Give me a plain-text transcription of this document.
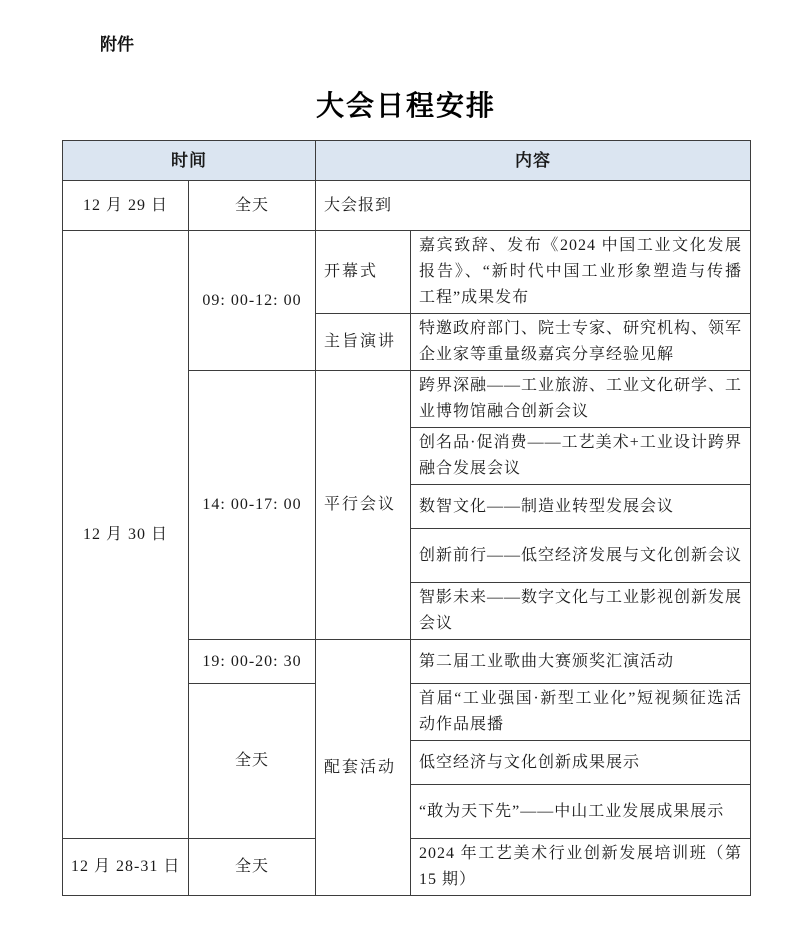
附件
大会日程安排
时间		内容	
12 月 29 日	全天	大会报到	
12 月 30 日	09: 00-12: 00	开幕式	嘉宾致辞、发布《2024 中国工业文化发展报告》、“新时代中国工业形象塑造与传播工程”成果发布
		主旨演讲	特邀政府部门、院士专家、研究机构、领军企业家等重量级嘉宾分享经验见解
	14: 00-17: 00	平行会议	跨界深融——工业旅游、工业文化研学、工业博物馆融合创新会议
			创名品·促消费——工艺美术+工业设计跨界融合发展会议
			数智文化——制造业转型发展会议
			创新前行——低空经济发展与文化创新会议
			智影未来——数字文化与工业影视创新发展会议
	19: 00-20: 30	配套活动	第二届工业歌曲大赛颁奖汇演活动
	全天		首届“工业强国·新型工业化”短视频征选活动作品展播
			低空经济与文化创新成果展示
			“敢为天下先”——中山工业发展成果展示
12 月 28-31 日	全天		2024 年工艺美术行业创新发展培训班（第 15 期）
